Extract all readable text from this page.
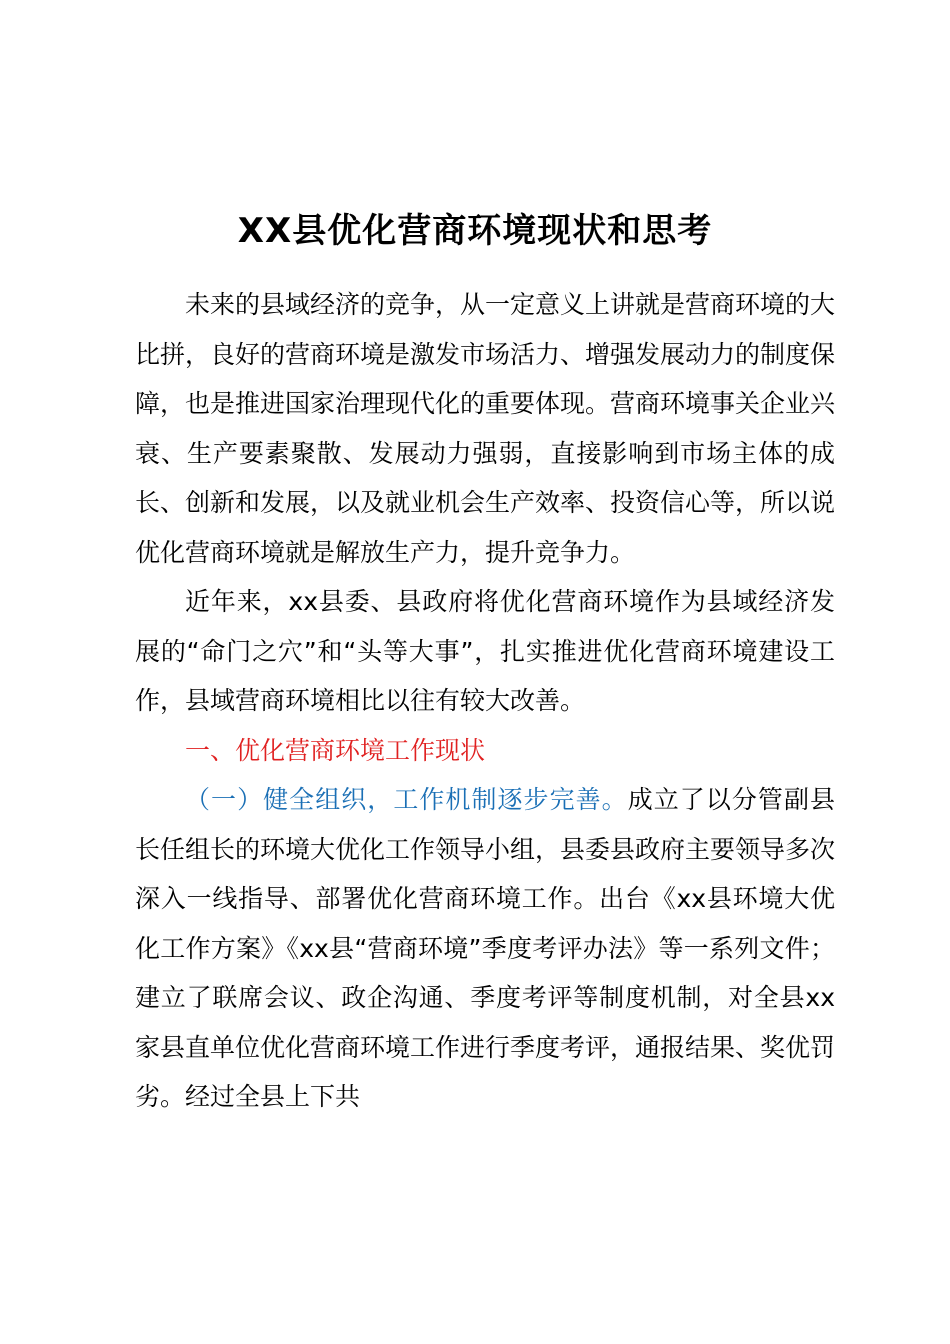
XX县优化营商环境现状和思考

未来的县域经济的竞争，从一定意义上讲就是营商环境的大比拼，良好的营商环境是激发市场活力、增强发展动力的制度保障，也是推进国家治理现代化的重要体现。营商环境事关企业兴衰、生产要素聚散、发展动力强弱，直接影响到市场主体的成长、创新和发展，以及就业机会生产效率、投资信心等，所以说优化营商环境就是解放生产力，提升竞争力。

近年来，xx县委、县政府将优化营商环境作为县域经济发展的“命门之穴”和“头等大事”，扎实推进优化营商环境建设工作，县域营商环境相比以往有较大改善。

一、优化营商环境工作现状

（一）健全组织，工作机制逐步完善。成立了以分管副县长任组长的环境大优化工作领导小组，县委县政府主要领导多次深入一线指导、部署优化营商环境工作。出台《xx县环境大优化工作方案》《xx县“营商环境”季度考评办法》等一系列文件；建立了联席会议、政企沟通、季度考评等制度机制，对全县xx家县直单位优化营商环境工作进行季度考评，通报结果、奖优罚劣。经过全县上下共
